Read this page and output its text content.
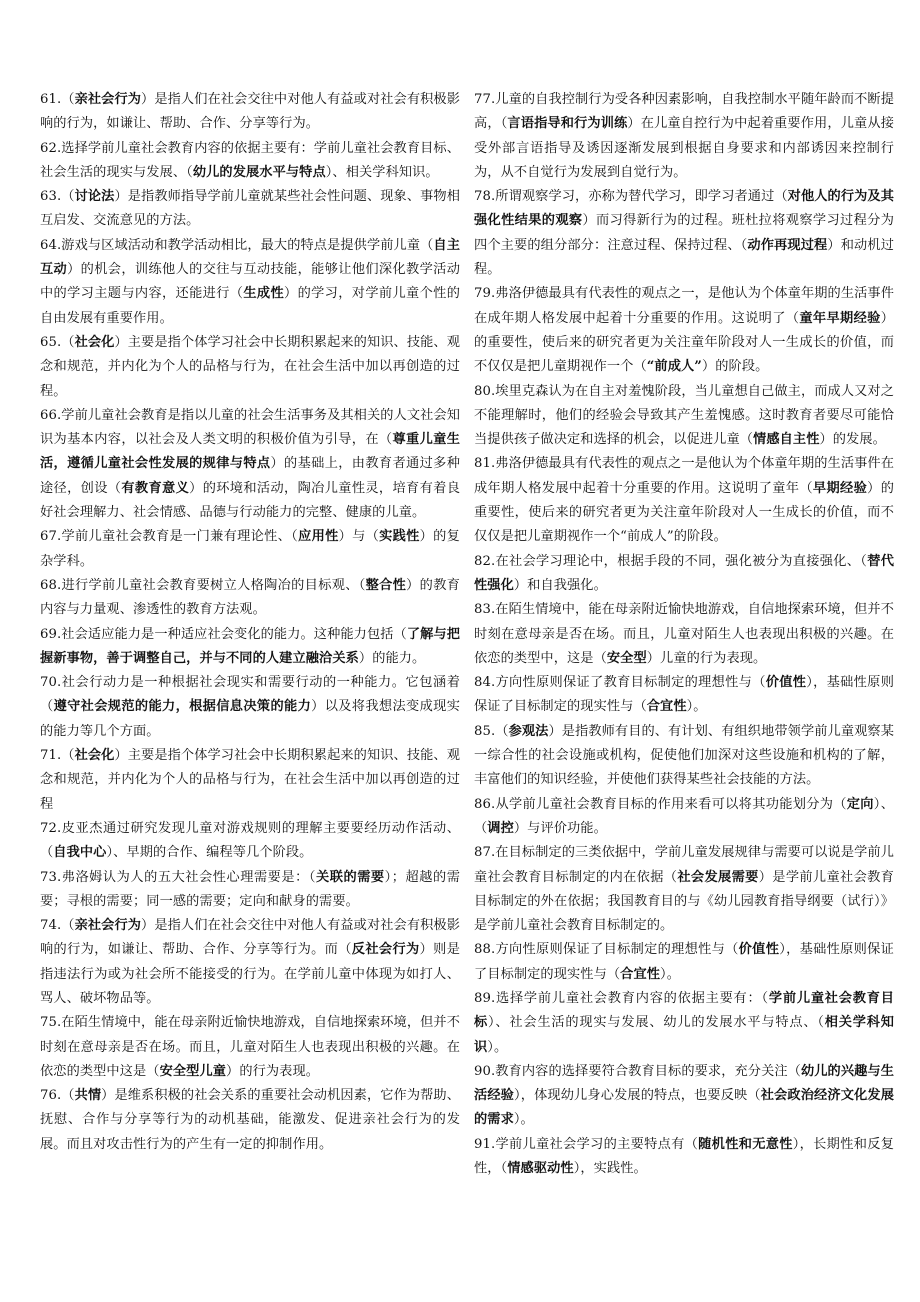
61.（亲社会行为）是指人们在社会交往中对他人有益或对社会有积极影响的行为，如谦让、帮助、合作、分享等行为。

62.选择学前儿童社会教育内容的依据主要有：学前儿童社会教育目标、社会生活的现实与发展、（幼儿的发展水平与特点）、相关学科知识。

63.（讨论法）是指教师指导学前儿童就某些社会性问题、现象、事物相互启发、交流意见的方法。

64.游戏与区域活动和教学活动相比，最大的特点是提供学前儿童（自主互动）的机会，训练他人的交往与互动技能，能够让他们深化教学活动中的学习主题与内容，还能进行（生成性）的学习，对学前儿童个性的自由发展有重要作用。

65.（社会化）主要是指个体学习社会中长期积累起来的知识、技能、观念和规范，并内化为个人的品格与行为，在社会生活中加以再创造的过程。

66.学前儿童社会教育是指以儿童的社会生活事务及其相关的人文社会知识为基本内容，以社会及人类文明的积极价值为引导，在（尊重儿童生活，遵循儿童社会性发展的规律与特点）的基础上，由教育者通过多种途径，创设（有教育意义）的环境和活动，陶冶儿童性灵，培育有着良好社会理解力、社会情感、品德与行动能力的完整、健康的儿童。

67.学前儿童社会教育是一门兼有理论性、（应用性）与（实践性）的复杂学科。

68.进行学前儿童社会教育要树立人格陶冶的目标观、（整合性）的教育内容与力量观、渗透性的教育方法观。

69.社会适应能力是一种适应社会变化的能力。这种能力包括（了解与把握新事物，善于调整自己，并与不同的人建立融洽关系）的能力。

70.社会行动力是一种根据社会现实和需要行动的一种能力。它包涵着（遵守社会规范的能力，根据信息决策的能力）以及将我想法变成现实的能力等几个方面。

71.（社会化）主要是指个体学习社会中长期积累起来的知识、技能、观念和规范，并内化为个人的品格与行为，在社会生活中加以再创造的过程

72.皮亚杰通过研究发现儿童对游戏规则的理解主要要经历动作活动、（自我中心）、早期的合作、编程等几个阶段。

73.弗洛姆认为人的五大社会性心理需要是：（关联的需要）；超越的需要；寻根的需要；同一感的需要；定向和献身的需要。

74.（亲社会行为）是指人们在社会交往中对他人有益或对社会有积极影响的行为，如谦让、帮助、合作、分享等行为。而（反社会行为）则是指违法行为或为社会所不能接受的行为。在学前儿童中体现为如打人、骂人、破坏物品等。

75.在陌生情境中，能在母亲附近愉快地游戏，自信地探索环境，但并不时刻在意母亲是否在场。而且，儿童对陌生人也表现出积极的兴趣。在依恋的类型中这是（安全型儿童）的行为表现。

76.（共情）是维系积极的社会关系的重要社会动机因素，它作为帮助、抚慰、合作与分享等行为的动机基础，能激发、促进亲社会行为的发展。而且对攻击性行为的产生有一定的抑制作用。

77.儿童的自我控制行为受各种因素影响，自我控制水平随年龄而不断提高，（言语指导和行为训练）在儿童自控行为中起着重要作用，儿童从接受外部言语指导及诱因逐渐发展到根据自身要求和内部诱因来控制行为，从不自觉行为发展到自觉行为。

78.所谓观察学习，亦称为替代学习，即学习者通过（对他人的行为及其强化性结果的观察）而习得新行为的过程。班杜拉将观察学习过程分为四个主要的组分部分：注意过程、保持过程、（动作再现过程）和动机过程。

79.弗洛伊德最具有代表性的观点之一，是他认为个体童年期的生活事件在成年期人格发展中起着十分重要的作用。这说明了（童年早期经验）的重要性，使后来的研究者更为关注童年阶段对人一生成长的价值，而不仅仅是把儿童期视作一个（“前成人”）的阶段。

80.埃里克森认为在自主对羞愧阶段，当儿童想自己做主，而成人又对之不能理解时，他们的经验会导致其产生羞愧感。这时教育者要尽可能恰当提供孩子做决定和选择的机会，以促进儿童（情感自主性）的发展。

81.弗洛伊德最具有代表性的观点之一是他认为个体童年期的生活事件在成年期人格发展中起着十分重要的作用。这说明了童年（早期经验）的重要性，使后来的研究者更为关注童年阶段对人一生成长的价值，而不仅仅是把儿童期视作一个“前成人”的阶段。

82.在社会学习理论中，根据手段的不同，强化被分为直接强化、（替代性强化）和自我强化。

83.在陌生情境中，能在母亲附近愉快地游戏，自信地探索环境，但并不时刻在意母亲是否在场。而且，儿童对陌生人也表现出积极的兴趣。在依恋的类型中，这是（安全型）儿童的行为表现。

84.方向性原则保证了教育目标制定的理想性与（价值性），基础性原则保证了目标制定的现实性与（合宜性）。

85.（参观法）是指教师有目的、有计划、有组织地带领学前儿童观察某一综合性的社会设施或机构，促使他们加深对这些设施和机构的了解，丰富他们的知识经验，并使他们获得某些社会技能的方法。

86.从学前儿童社会教育目标的作用来看可以将其功能划分为（定向）、（调控）与评价功能。

87.在目标制定的三类依据中，学前儿童发展规律与需要可以说是学前儿童社会教育目标制定的内在依据（社会发展需要）是学前儿童社会教育目标制定的外在依据；我国教育目的与《幼儿园教育指导纲要（试行）》是学前儿童社会教育目标制定的。

88.方向性原则保证了目标制定的理想性与（价值性），基础性原则保证了目标制定的现实性与（合宜性）。

89.选择学前儿童社会教育内容的依据主要有：（学前儿童社会教育目标）、社会生活的现实与发展、幼儿的发展水平与特点、（相关学科知识）。

90.教育内容的选择要符合教育目标的要求，充分关注（幼儿的兴趣与生活经验），体现幼儿身心发展的特点，也要反映（社会政治经济文化发展的需求）。

91.学前儿童社会学习的主要特点有（随机性和无意性），长期性和反复性，（情感驱动性），实践性。
